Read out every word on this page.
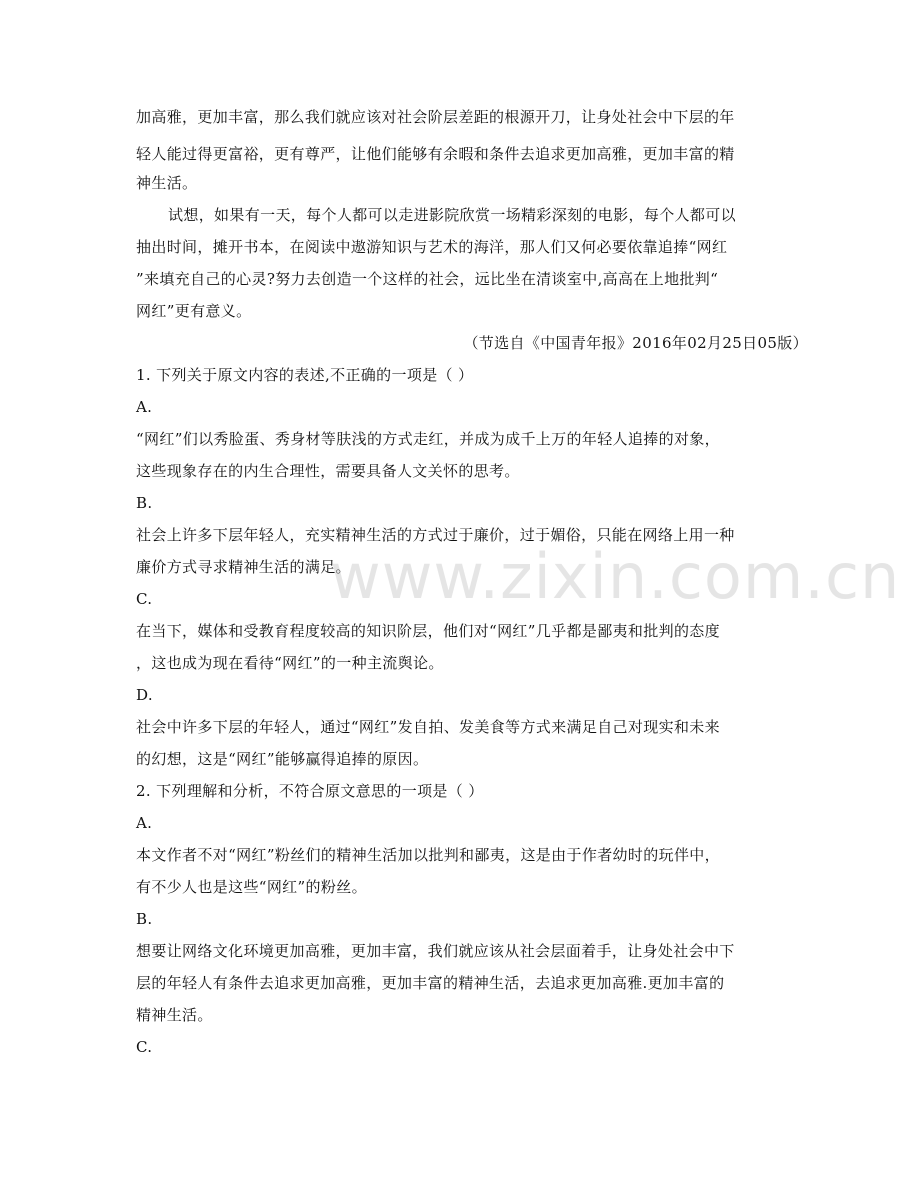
加高雅，更加丰富，那么我们就应该对社会阶层差距的根源开刀，让身处社会中下层的年
轻人能过得更富裕，更有尊严，让他们能够有余暇和条件去追求更加高雅，更加丰富的精
神生活。
试想，如果有一天，每个人都可以走进影院欣赏一场精彩深刻的电影，每个人都可以
抽出时间，摊开书本，在阅读中遨游知识与艺术的海洋，那人们又何必要依靠追捧“网红
”来填充自己的心灵?努力去创造一个这样的社会，远比坐在清谈室中,高高在上地批判“
网红”更有意义。
（节选自《中国青年报》2016年02月25日05版）
1. 下列关于原文内容的表述,不正确的一项是（ ）
A.
“网红”们以秀脸蛋、秀身材等肤浅的方式走红，并成为成千上万的年轻人追捧的对象，
这些现象存在的内生合理性，需要具备人文关怀的思考。
B.
社会上许多下层年轻人，充实精神生活的方式过于廉价，过于媚俗，只能在网络上用一种
廉价方式寻求精神生活的满足。
C.
在当下，媒体和受教育程度较高的知识阶层，他们对“网红”几乎都是鄙夷和批判的态度
，这也成为现在看待“网红”的一种主流舆论。
D.
社会中许多下层的年轻人，通过“网红”发自拍、发美食等方式来满足自己对现实和未来
的幻想，这是“网红”能够赢得追捧的原因。
2. 下列理解和分析，不符合原文意思的一项是（ ）
A.
本文作者不对“网红”粉丝们的精神生活加以批判和鄙夷，这是由于作者幼时的玩伴中，
有不少人也是这些“网红”的粉丝。
B.
想要让网络文化环境更加高雅，更加丰富，我们就应该从社会层面着手，让身处社会中下
层的年轻人有条件去追求更加高雅，更加丰富的精神生活，去追求更加高雅.更加丰富的
精神生活。
C.
www.zixin.com.cn
